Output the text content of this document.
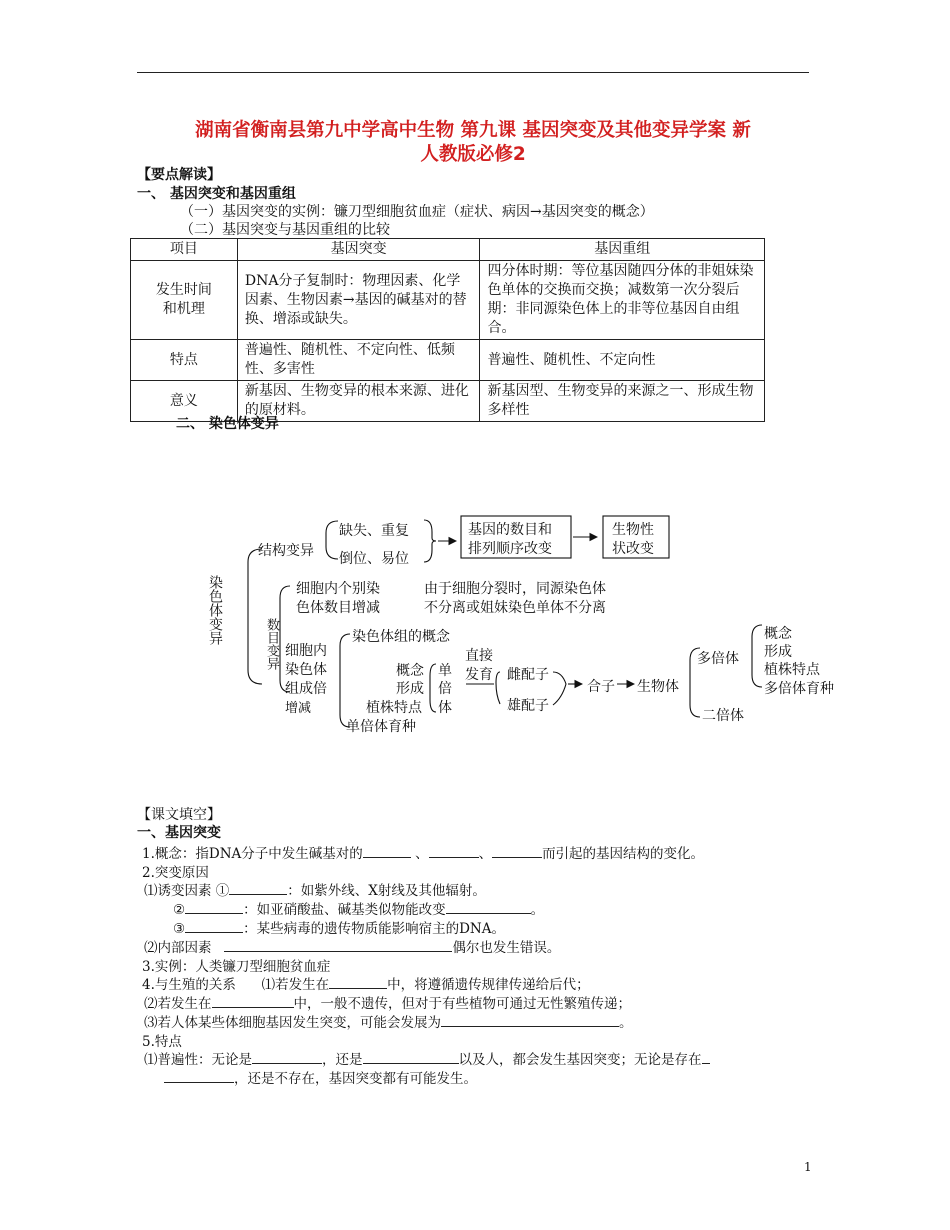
湖南省衡南县第九中学高中生物 第九课 基因突变及其他变异学案 新
人教版必修2
【要点解读】
一、 基因突变和基因重组
（一）基因突变的实例：镰刀型细胞贫血症（症状、病因→基因突变的概念）
（二）基因突变与基因重组的比较
项目	基因突变	基因重组
发生时间
和机理	DNA分子复制时：物理因素、化学因素、生物因素→基因的碱基对的替换、增添或缺失。	四分体时期：等位基因随四分体的非姐妹染色单体的交换而交换；减数第一次分裂后期：非同源染色体上的非等位基因自由组合。
特点	普遍性、随机性、不定向性、低频性、多害性	普遍性、随机性、不定向性
意义	新基因、生物变异的根本来源、进化的原材料。	新基因型、生物变异的来源之一、形成生物多样性
二、 染色体变异
染色体变异
结构变异
缺失、重复
倒位、易位
基因的数目和
排列顺序改变
生物性
状改变
数目变异
细胞内个别染
色体数目增减
由于细胞分裂时，同源染色体
不分离或姐妹染色单体不分离
细胞内
染色体
组成倍
增减
染色体组的概念
概念
形成
植株特点
单倍体育种
单
倍
体
直接
发育 雌配子
雄配子
合子 生物体
多倍体
二倍体
概念
形成
植株特点
多倍体育种
【课文填空】
一、基因突变
1.概念：指DNA分子中发生碱基对的	、	、	而引起的基因结构的变化。
2.突变原因
⑴诱变因素 ①	：如紫外线、X射线及其他辐射。
②	：如亚硝酸盐、碱基类似物能改变	。
③	：某些病毒的遗传物质能影响宿主的DNA。
⑵内部因素	偶尔也发生错误。
3.实例：人类镰刀型细胞贫血症
4.与生殖的关系 ⑴若发生在	中，将遵循遗传规律传递给后代；
⑵若发生在	中，一般不遗传，但对于有些植物可通过无性繁殖传递；
⑶若人体某些体细胞基因发生突变，可能会发展为	。
5.特点
⑴普遍性：无论是	，还是	以及人，都会发生基因突变；无论是存在
，还是不存在，基因突变都有可能发生。
1
